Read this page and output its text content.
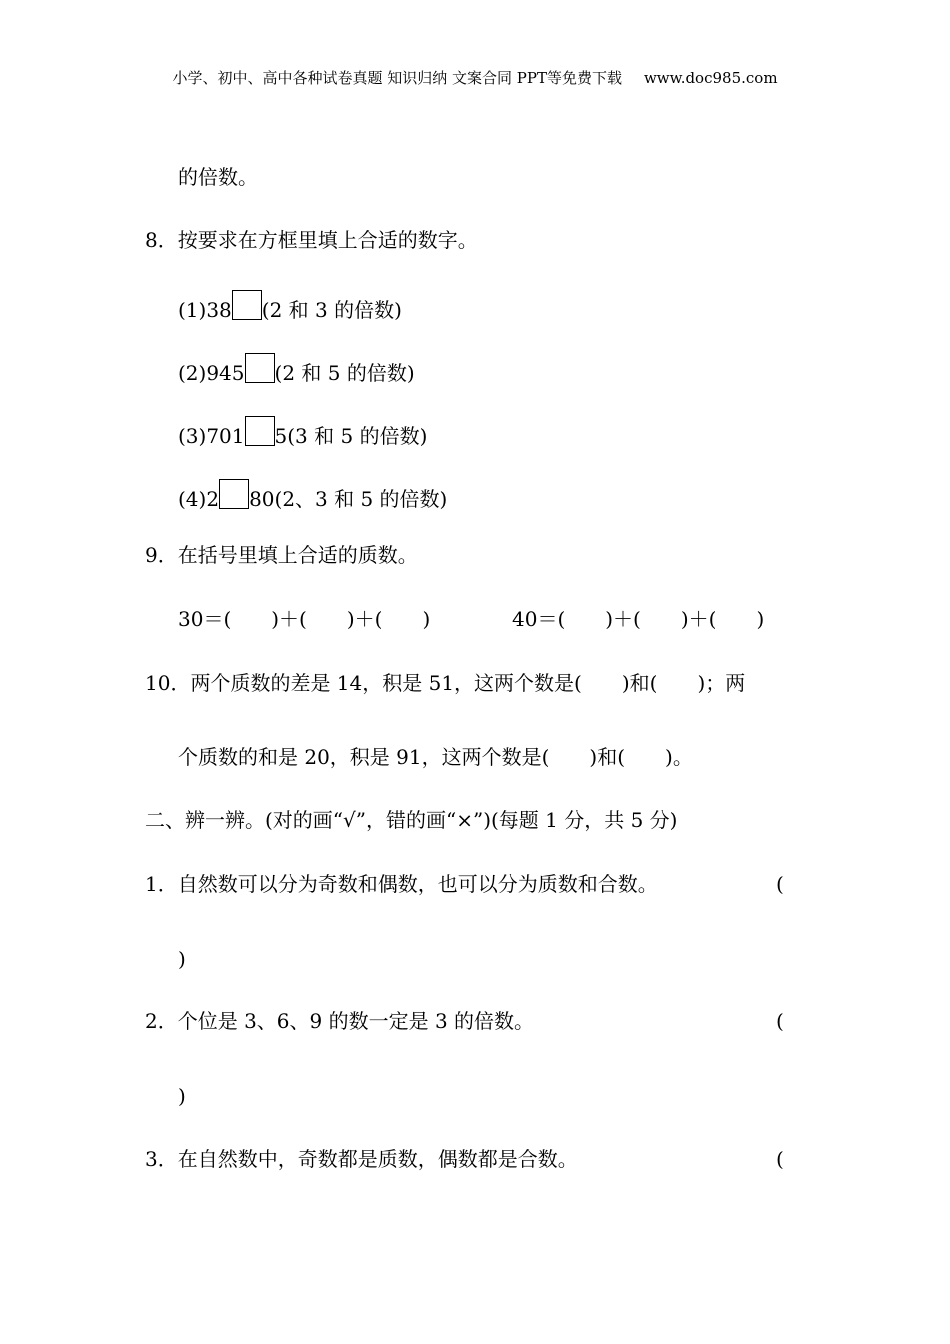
小学、初中、高中各种试卷真题 知识归纳 文案合同 PPT等免费下载 www.doc985.com
的倍数。
8．按要求在方框里填上合适的数字。
(1)38 (2 和 3 的倍数)
(2)945 (2 和 5 的倍数)
(3)701 5(3 和 5 的倍数)
(4)2 80(2、3 和 5 的倍数)
9．在括号里填上合适的质数。
30＝(　　)＋(　　)＋(　　)	40＝(　　)＋(　　)＋(　　)
10．两个质数的差是 14，积是 51，这两个数是(　　)和(　　)；两
个质数的和是 20，积是 91，这两个数是(　　)和(　　)。
二、辨一辨。(对的画“√”，错的画“×”)(每题 1 分，共 5 分)
1．自然数可以分为奇数和偶数，也可以分为质数和合数。	(
)
2．个位是 3、6、9 的数一定是 3 的倍数。	(
)
3．在自然数中，奇数都是质数，偶数都是合数。	(
